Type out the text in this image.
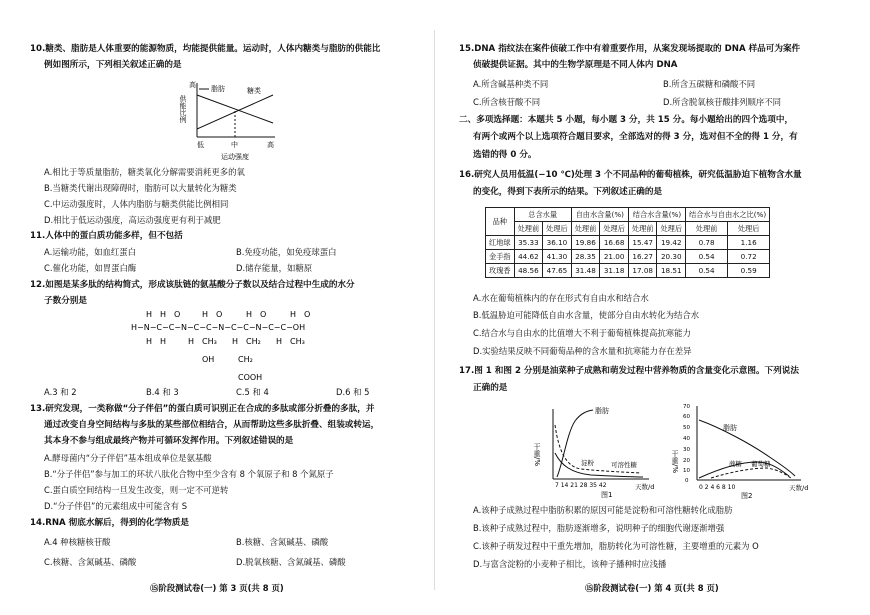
10.糖类、脂肪是人体重要的能源物质，均能提供能量。运动时，人体内糖类与脂肪的供能比
例如图所示，下列相关叙述正确的是
供能比例
高 脂肪	糖类
低	中	高
运动强度
A.相比于等质量脂肪，糖类氧化分解需要消耗更多的氧
B.当糖类代谢出现障碍时，脂肪可以大量转化为糖类
C.中运动强度时，人体内脂肪与糖类供能比例相同
D.相比于低运动强度，高运动强度更有利于减肥
11.人体中的蛋白质功能多样，但不包括
A.运输功能，如血红蛋白	B.免疫功能，如免疫球蛋白
C.催化功能，如胃蛋白酶	D.储存能量，如糖原
12.如图是某多肽的结构简式，形成该肽链的氨基酸分子数以及结合过程中生成的水分
子数分别是
H−N−C−C−N−C−C−N−C−C−N−C−C−OH
H H O	H O	H O	H O
H H	H CH₃ H CH₂ H CH₃
OH	CH₂
COOH
A.3 和 2	B.4 和 3	C.5 和 4	D.6 和 5
13.研究发现，一类称做“分子伴侣”的蛋白质可识别正在合成的多肽或部分折叠的多肽，并
通过改变自身空间结构与多肽的某些部位相结合，从而帮助这些多肽折叠、组装或转运，
其本身不参与组成最终产物并可循环发挥作用。下列叙述错误的是
A.酵母菌内“分子伴侣”基本组成单位是氨基酸
B.“分子伴侣”参与加工的环状八肽化合物中至少含有 8 个氧原子和 8 个氮原子
C.蛋白质空间结构一旦发生改变，则一定不可逆转
D.“分子伴侣”的元素组成中可能含有 S
14.RNA 彻底水解后，得到的化学物质是
A.4 种核糖核苷酸	B.核糖、含氮碱基、磷酸
C.核糖、含氮碱基、磷酸	D.脱氧核糖、含氮碱基、磷酸
⑮阶段测试卷(一) 第 3 页(共 8 页)
15.DNA 指纹法在案件侦破工作中有着重要作用，从案发现场提取的 DNA 样品可为案件
侦破提供证据。其中的生物学原理是不同人体内 DNA
A.所含碱基种类不同	B.所含五碳糖和磷酸不同
C.所含核苷酸不同	D.所含脱氧核苷酸排列顺序不同
二、多项选择题：本题共 5 小题，每小题 3 分，共 15 分。每小题给出的四个选项中，
有两个或两个以上选项符合题目要求，全部选对的得 3 分，选对但不全的得 1 分，有
选错的得 0 分。
16.研究人员用低温(−10 ℃)处理 3 个不同品种的葡萄植株，研究低温胁迫下植物含水量
的变化，得到下表所示的结果。下列叙述正确的是
品种	总含水量		自由水含量(%)		结合水含量(%)		结合水与自由水之比(%)	
	处理前	处理后	处理前	处理后	处理前	处理后	处理前	处理后
红地球	35.33	36.10	19.86	16.68	15.47	19.42	0.78	1.16
金手指	44.62	41.30	28.35	21.00	16.27	20.30	0.54	0.72
玫瑰香	48.56	47.65	31.48	31.18	17.08	18.51	0.54	0.59
A.水在葡萄植株内的存在形式有自由水和结合水
B.低温胁迫可能降低自由水含量，使部分自由水转化为结合水
C.结合水与自由水的比值增大不利于葡萄植株提高抗寒能力
D.实验结果反映不同葡萄品种的含水量和抗寒能力存在差异
17.图 1 和图 2 分别是油菜种子成熟和萌发过程中营养物质的含量变化示意图。下列说法
正确的是
干重/%
脂肪
淀粉	可溶性糖
7 14 21 28 35 42	天数/d
图1
干重/%
0
10
20
30
40
50
60
70
脂肪
蔗糖 葡萄糖
0 2 4 6 8 10	天数/d
图2
A.该种子成熟过程中脂肪积累的原因可能是淀粉和可溶性糖转化成脂肪
B.该种子成熟过程中，脂肪逐渐增多，说明种子的细胞代谢逐渐增强
C.该种子萌发过程中干重先增加，脂肪转化为可溶性糖，主要增重的元素为 O
D.与富含淀粉的小麦种子相比，该种子播种时应浅播
⑮阶段测试卷(一) 第 4 页(共 8 页)
